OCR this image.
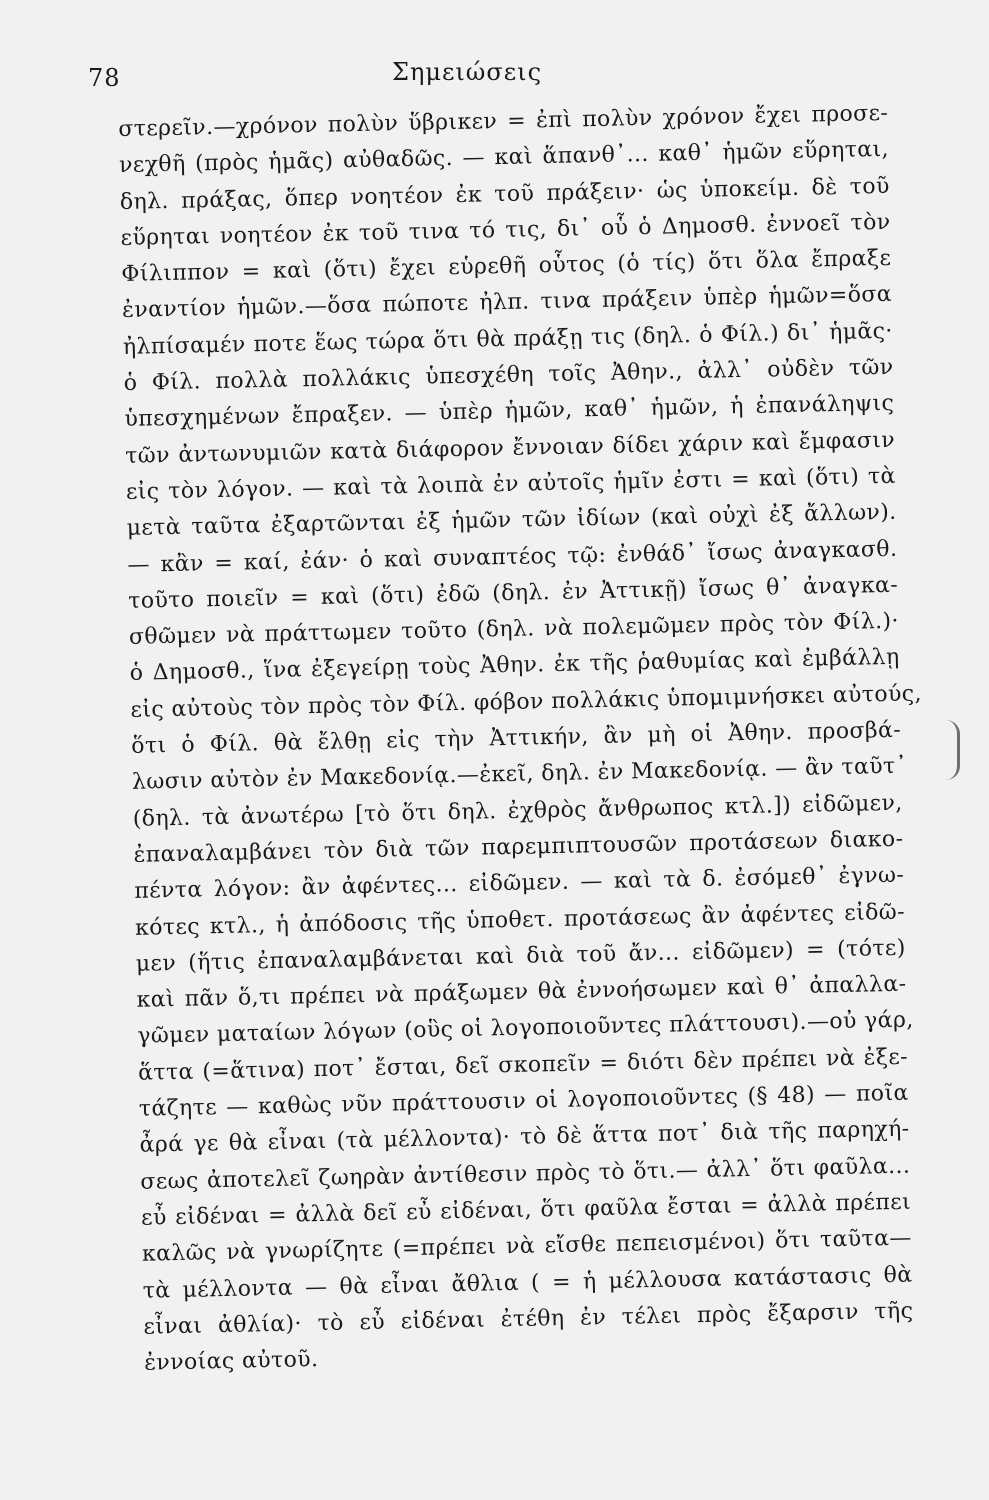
78	Σημειώσεις
στερεῖν.—χρόνον πολὺν ὕβρικεν = ἐπὶ πολὺν χρόνον ἔχει προσε-
νεχθῆ (πρὸς ἡμᾶς) αὐθαδῶς. — καὶ ἅπανθ᾽... καθ᾽ ἡμῶν εὕρηται,
δηλ. πράξας, ὅπερ νοητέον ἐκ τοῦ πράξειν· ὡς ὑποκείμ. δὲ τοῦ
εὕρηται νοητέον ἐκ τοῦ τινα τό τις, δι᾽ οὗ ὁ Δημοσθ. ἐννοεῖ τὸν
Φίλιππον = καὶ (ὅτι) ἔχει εὑρεθῆ οὗτος (ὁ τίς) ὅτι ὅλα ἔπραξε
ἐναντίον ἡμῶν.—ὅσα πώποτε ἠλπ. τινα πράξειν ὑπὲρ ἡμῶν=ὅσα
ἠλπίσαμέν ποτε ἕως τώρα ὅτι θὰ πράξῃ τις (δηλ. ὁ Φίλ.) δι᾽ ἡμᾶς·
ὁ Φίλ. πολλὰ πολλάκις ὑπεσχέθη τοῖς Ἀθην., ἀλλ᾽ οὐδὲν τῶν
ὑπεσχημένων ἔπραξεν. — ὑπὲρ ἡμῶν, καθ᾽ ἡμῶν, ἡ ἐπανάληψις
τῶν ἀντωνυμιῶν κατὰ διάφορον ἔννοιαν δίδει χάριν καὶ ἔμφασιν
εἰς τὸν λόγον. — καὶ τὰ λοιπὰ ἐν αὐτοῖς ἡμῖν ἐστι = καὶ (ὅτι) τὰ
μετὰ ταῦτα ἐξαρτῶνται ἐξ ἡμῶν τῶν ἰδίων (καὶ οὐχὶ ἐξ ἄλλων).
— κἂν = καί, ἐάν· ὁ καὶ συναπτέος τῷ: ἐνθάδ᾽ ἴσως ἀναγκασθ.
τοῦτο ποιεῖν = καὶ (ὅτι) ἐδῶ (δηλ. ἐν Ἀττικῇ) ἴσως θ᾽ ἀναγκα-
σθῶμεν νὰ πράττωμεν τοῦτο (δηλ. νὰ πολεμῶμεν πρὸς τὸν Φίλ.)·
ὁ Δημοσθ., ἵνα ἐξεγείρῃ τοὺς Ἀθην. ἐκ τῆς ῥαθυμίας καὶ ἐμβάλλῃ
εἰς αὐτοὺς τὸν πρὸς τὸν Φίλ. φόβον πολλάκις ὑπομιμνήσκει αὐτούς,
ὅτι ὁ Φίλ. θὰ ἔλθῃ εἰς τὴν Ἀττικήν, ἂν μὴ οἱ Ἀθην. προσβά-
λωσιν αὐτὸν ἐν Μακεδονίᾳ.—ἐκεῖ, δηλ. ἐν Μακεδονίᾳ. — ἂν ταῦτ᾽
(δηλ. τὰ ἀνωτέρω [τὸ ὅτι δηλ. ἐχθρὸς ἄνθρωπος κτλ.]) εἰδῶμεν,
ἐπαναλαμβάνει τὸν διὰ τῶν παρεμπιπτουσῶν προτάσεων διακο-
πέντα λόγον: ἂν ἀφέντες... εἰδῶμεν. — καὶ τὰ δ. ἐσόμεθ᾽ ἐγνω-
κότες κτλ., ἡ ἀπόδοσις τῆς ὑποθετ. προτάσεως ἂν ἀφέντες εἰδῶ-
μεν (ἥτις ἐπαναλαμβάνεται καὶ διὰ τοῦ ἄν... εἰδῶμεν) = (τότε)
καὶ πᾶν ὅ,τι πρέπει νὰ πράξωμεν θὰ ἐννοήσωμεν καὶ θ᾽ ἀπαλλα-
γῶμεν ματαίων λόγων (οὓς οἱ λογοποιοῦντες πλάττουσι).—οὐ γάρ,
ἅττα (=ἅτινα) ποτ᾽ ἔσται, δεῖ σκοπεῖν = διότι δὲν πρέπει νὰ ἐξε-
τάζητε — καθὼς νῦν πράττουσιν οἱ λογοποιοῦντες (§ 48) — ποῖα
ἆρά γε θὰ εἶναι (τὰ μέλλοντα)· τὸ δὲ ἅττα ποτ᾽ διὰ τῆς παρηχή-
σεως ἀποτελεῖ ζωηρὰν ἀντίθεσιν πρὸς τὸ ὅτι.— ἀλλ᾽ ὅτι φαῦλα...
εὖ εἰδέναι = ἀλλὰ δεῖ εὖ εἰδέναι, ὅτι φαῦλα ἔσται = ἀλλὰ πρέπει
καλῶς νὰ γνωρίζητε (=πρέπει νὰ εἴσθε πεπεισμένοι) ὅτι ταῦτα—
τὰ μέλλοντα — θὰ εἶναι ἄθλια ( = ἡ μέλλουσα κατάστασις θὰ
εἶναι ἀθλία)· τὸ εὖ εἰδέναι ἐτέθη ἐν τέλει πρὸς ἔξαρσιν τῆς
ἐννοίας αὐτοῦ.
